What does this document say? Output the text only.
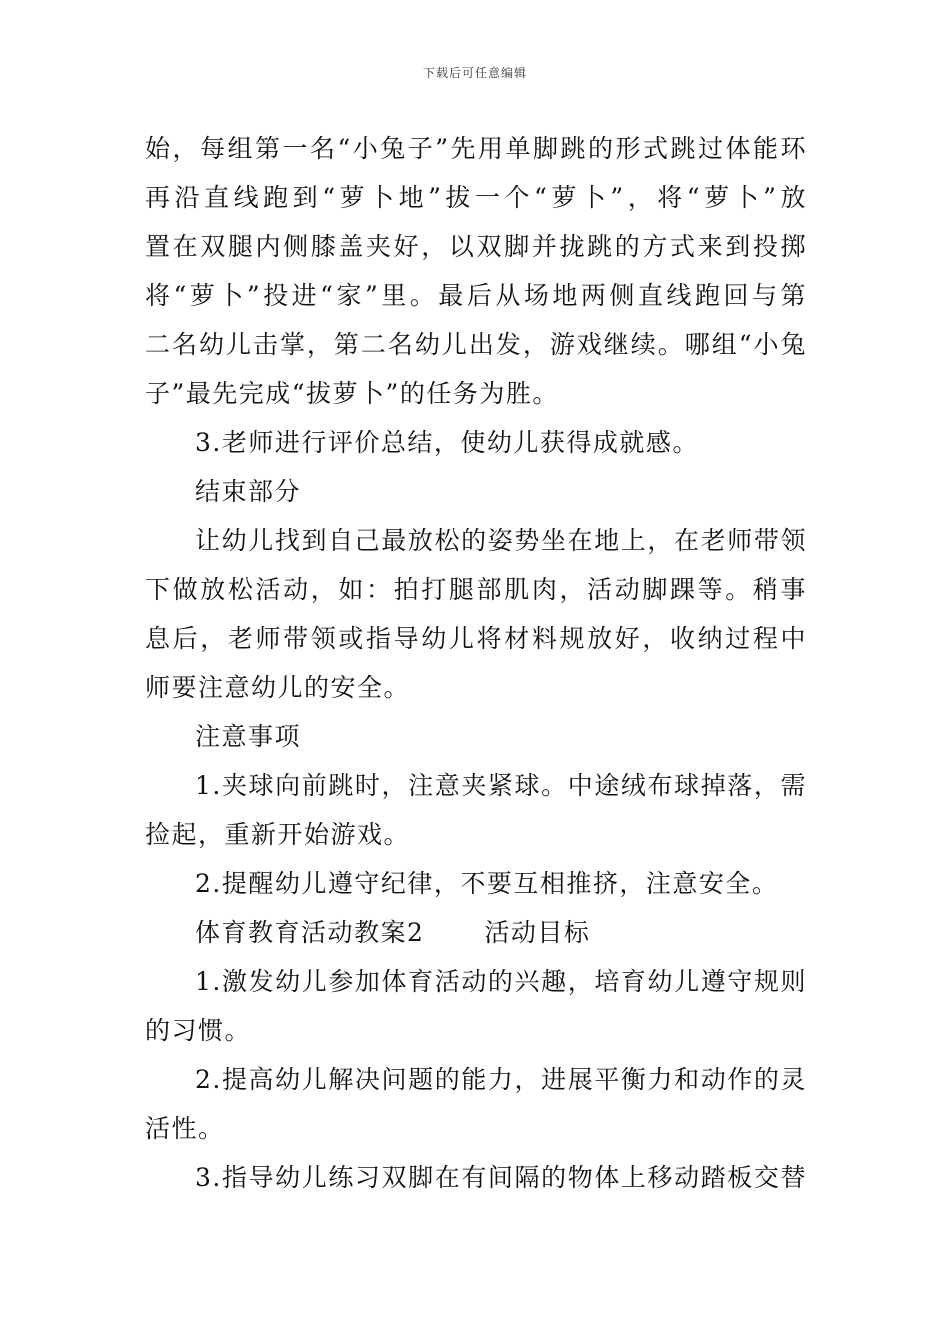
下载后可任意编辑
始，每组第一名“小兔子”先用单脚跳的形式跳过体能环
再沿直线跑到“萝卜地”拔一个“萝卜”，将“萝卜”放
置在双腿内侧膝盖夹好，以双脚并拢跳的方式来到投掷
将“萝卜”投进“家”里。最后从场地两侧直线跑回与第
二名幼儿击掌，第二名幼儿出发，游戏继续。哪组“小兔
子”最先完成“拔萝卜”的任务为胜。
3.老师进行评价总结，使幼儿获得成就感。
结束部分
让幼儿找到自己最放松的姿势坐在地上，在老师带领
下做放松活动，如：拍打腿部肌肉，活动脚踝等。稍事
息后，老师带领或指导幼儿将材料规放好，收纳过程中
师要注意幼儿的安全。
注意事项
1.夹球向前跳时，注意夹紧球。中途绒布球掉落，需
捡起，重新开始游戏。
2.提醒幼儿遵守纪律，不要互相推挤，注意安全。
体育教育活动教案2 活动目标
1.激发幼儿参加体育活动的兴趣，培育幼儿遵守规则
的习惯。
2.提高幼儿解决问题的能力，进展平衡力和动作的灵
活性。
3.指导幼儿练习双脚在有间隔的物体上移动踏板交替
